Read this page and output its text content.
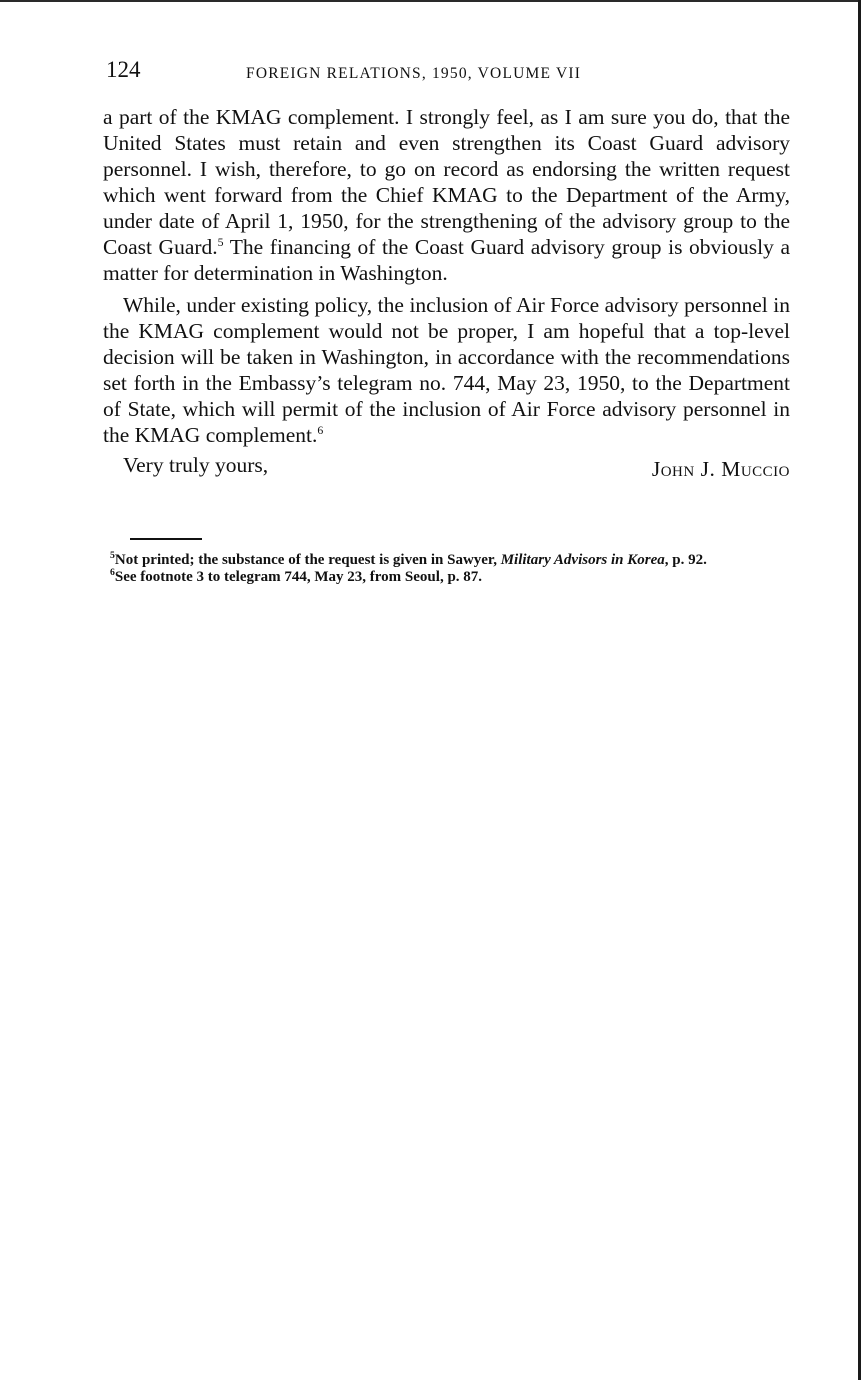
124	FOREIGN RELATIONS, 1950, VOLUME VII

a part of the KMAG complement. I strongly feel, as I am sure you do, that the United States must retain and even strengthen its Coast Guard advisory personnel. I wish, therefore, to go on record as endorsing the written request which went forward from the Chief KMAG to the Department of the Army, under date of April 1, 1950, for the strengthening of the advisory group to the Coast Guard.$^5$ The financing of the Coast Guard advisory group is obviously a matter for determination in Washington.

While, under existing policy, the inclusion of Air Force advisory personnel in the KMAG complement would not be proper, I am hopeful that a top-level decision will be taken in Washington, in accordance with the recommendations set forth in the Embassy’s telegram no. 744, May 23, 1950, to the Department of State, which will permit of the inclusion of Air Force advisory personnel in the KMAG complement.$^6$

Very truly yours,	John J. Muccio

$^5$Not printed; the substance of the request is given in Sawyer, Military Advisors in Korea, p. 92.

$^6$See footnote 3 to telegram 744, May 23, from Seoul, p. 87.
